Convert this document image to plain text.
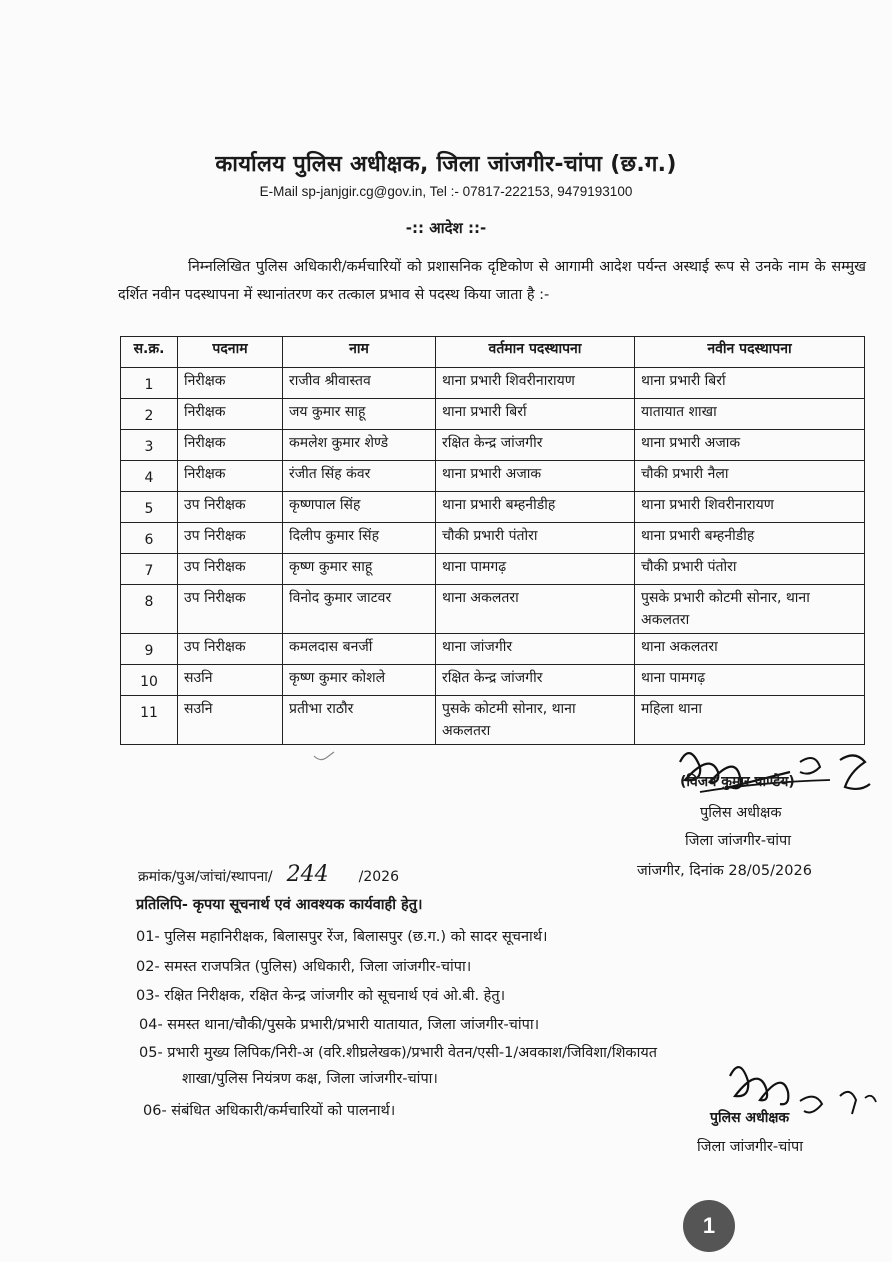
कार्यालय पुलिस अधीक्षक, जिला जांजगीर-चांपा (छ.ग.)
E-Mail sp-janjgir.cg@gov.in, Tel :- 07817-222153, 9479193100
-:: आदेश ::-
निम्नलिखित पुलिस अधिकारी/कर्मचारियों को प्रशासनिक दृष्टिकोण से आगामी आदेश पर्यन्त अस्थाई रूप से उनके नाम के सम्मुख दर्शित नवीन पदस्थापना में स्थानांतरण कर तत्काल प्रभाव से पदस्थ किया जाता है :-
स.क्र.	पदनाम	नाम	वर्तमान पदस्थापना	नवीन पदस्थापना
1	निरीक्षक	राजीव श्रीवास्तव	थाना प्रभारी शिवरीनारायण	थाना प्रभारी बिर्रा
2	निरीक्षक	जय कुमार साहू	थाना प्रभारी बिर्रा	यातायात शाखा
3	निरीक्षक	कमलेश कुमार शेण्डे	रक्षित केन्द्र जांजगीर	थाना प्रभारी अजाक
4	निरीक्षक	रंजीत सिंह कंवर	थाना प्रभारी अजाक	चौकी प्रभारी नैला
5	उप निरीक्षक	कृष्णपाल सिंह	थाना प्रभारी बम्हनीडीह	थाना प्रभारी शिवरीनारायण
6	उप निरीक्षक	दिलीप कुमार सिंह	चौकी प्रभारी पंतोरा	थाना प्रभारी बम्हनीडीह
7	उप निरीक्षक	कृष्ण कुमार साहू	थाना पामगढ़	चौकी प्रभारी पंतोरा
8	उप निरीक्षक	विनोद कुमार जाटवर	थाना अकलतरा	पुसके प्रभारी कोटमी सोनार, थाना अकलतरा
9	उप निरीक्षक	कमलदास बनर्जी	थाना जांजगीर	थाना अकलतरा
10	सउनि	कृष्ण कुमार कोशले	रक्षित केन्द्र जांजगीर	थाना पामगढ़
11	सउनि	प्रतीभा राठौर	पुसके कोटमी सोनार, थाना अकलतरा	महिला थाना
(विजय कुमार पाण्डेय)
पुलिस अधीक्षक
जिला जांजगीर-चांपा
क्रमांक/पुअ/जांचां/स्थापना/ 244 /2026	जांजगीर, दिनांक 28/05/2026
प्रतिलिपि- कृपया सूचनार्थ एवं आवश्यक कार्यवाही हेतु।
01- पुलिस महानिरीक्षक, बिलासपुर रेंज, बिलासपुर (छ.ग.) को सादर सूचनार्थ।
02- समस्त राजपत्रित (पुलिस) अधिकारी, जिला जांजगीर-चांपा।
03- रक्षित निरीक्षक, रक्षित केन्द्र जांजगीर को सूचनार्थ एवं ओ.बी. हेतु।
04- समस्त थाना/चौकी/पुसके प्रभारी/प्रभारी यातायात, जिला जांजगीर-चांपा।
05- प्रभारी मुख्य लिपिक/निरी-अ (वरि.शीघ्रलेखक)/प्रभारी वेतन/एसी-1/अवकाश/जिविशा/शिकायत
शाखा/पुलिस नियंत्रण कक्ष, जिला जांजगीर-चांपा।
06- संबंधित अधिकारी/कर्मचारियों को पालनार्थ।	पुलिस अधीक्षक
जिला जांजगीर-चांपा
1
